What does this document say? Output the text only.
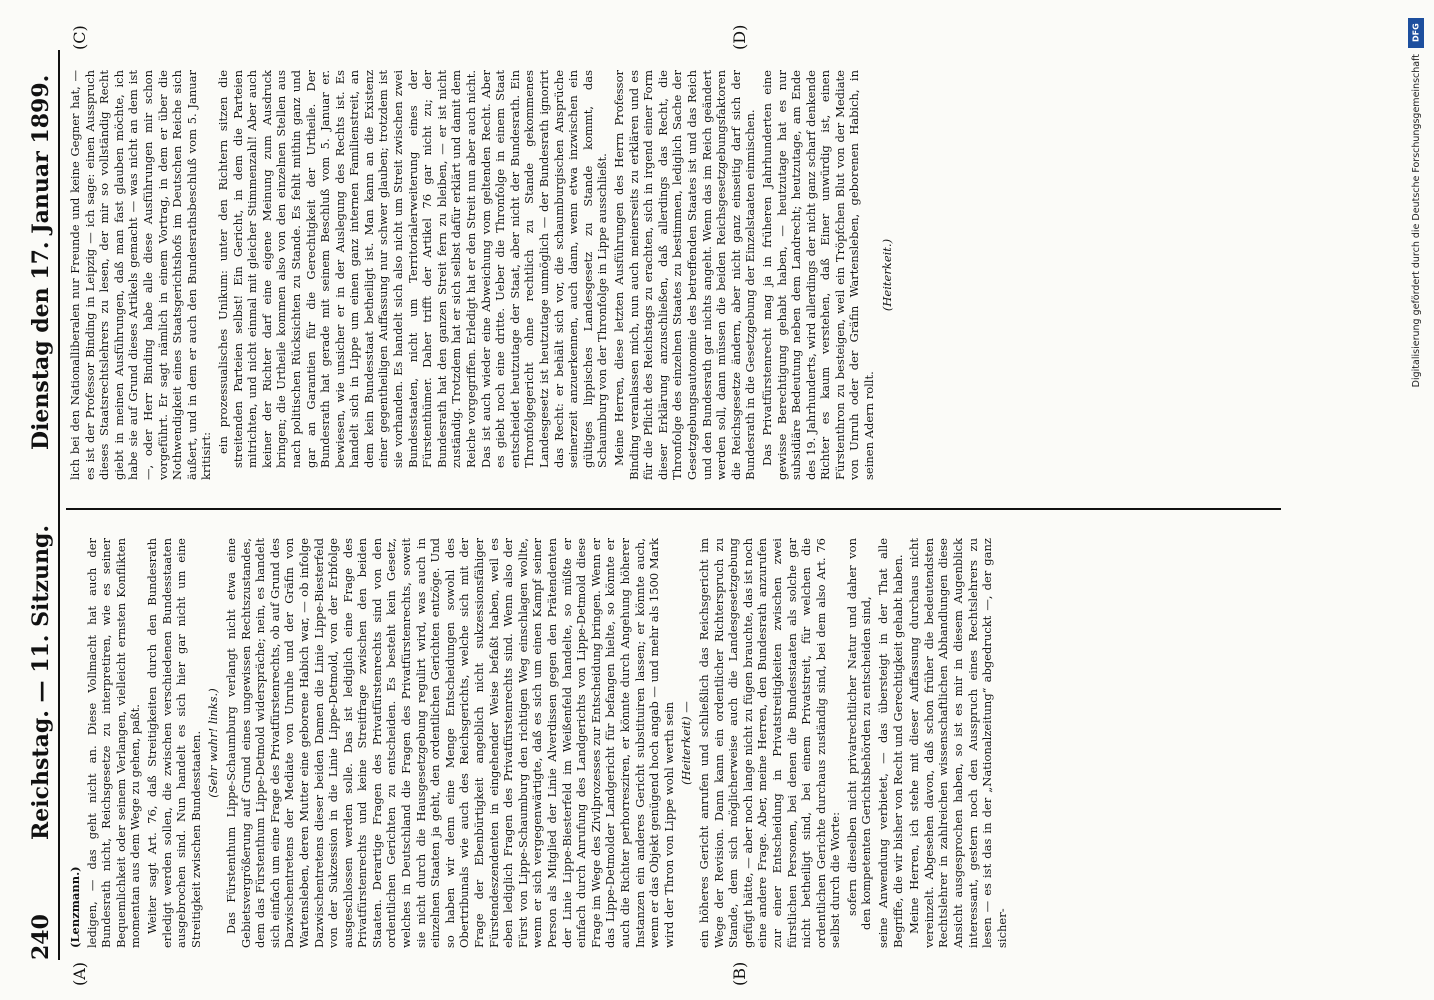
240
Reichstag. — 11. Sitzung.
Dienstag den 17. Januar 1899.
(A)	(B)
(C)	(D)

(Lenzmann.) ledigen, — das geht nicht an. Diese Vollmacht hat auch der Bundesrath nicht, Reichsgesetze zu interpretiren, wie es seiner Bequemlichkeit oder seinem Verlangen, vielleicht ernsten Konflikten momentan aus dem Wege zu gehen, paßt. Weiter sagt Art. 76, daß Streitigkeiten durch den Bundesrath erledigt werden sollen, die zwischen verschiedenen Bundesstaaten ausgebrochen sind. Nun handelt es sich hier gar nicht um eine Streitigkeit zwischen Bundesstaaten. (Sehr wahr! links.) Das Fürstenthum Lippe-Schaumburg verlangt nicht etwa eine Gebietsvergrößerung auf Grund eines ungewissen Rechtszustandes, dem das Fürstenthum Lippe-Detmold widerspräche; nein, es handelt sich einfach um eine Frage des Privatfürstenrechts, ob auf Grund des Dazwischentretens der Mediate von Unruhe und der Gräfin von Wartensleben, deren Mutter eine geborene Habich war, — ob infolge Dazwischentretens dieser beiden Damen die Linie Lippe-Biesterfeld von der Sukzession in die Linie Lippe-Detmold, von der Erbfolge ausgeschlossen werden solle. Das ist lediglich eine Frage des Privatfürstenrechts und keine Streitfrage zwischen den beiden Staaten. Derartige Fragen des Privatfürstenrechts sind von den ordentlichen Gerichten zu entscheiden. Es besteht kein Gesetz, welches in Deutschland die Fragen des Privatfürstenrechts, soweit sie nicht durch die Hausgesetzgebung regulirt wird, was auch in einzelnen Staaten ja geht, den ordentlichen Gerichten entzöge. Und so haben wir denn eine Menge Entscheidungen sowohl des Obertribunals wie auch des Reichsgerichts, welche sich mit der Frage der Ebenbürtigkeit angeblich nicht sukzessionsfähiger Fürstendeszendenten in eingehender Weise befaßt haben, weil es eben lediglich Fragen des Privatfürstenrechts sind. Wenn also der Fürst von Lippe-Schaumburg den richtigen Weg einschlagen wollte, wenn er sich vergegenwärtigte, daß es sich um einen Kampf seiner Person als Mitglied der Linie Alverdissen gegen den Prätendenten der Linie Lippe-Biesterfeld im Weißenfeld handelte, so müßte er einfach durch Anrufung des Landgerichts von Lippe-Detmold diese Frage im Wege des Zivilprozesses zur Entscheidung bringen. Wenn er das Lippe-Detmolder Landgericht für befangen hielte, so könnte er auch die Richter perhorresziren, er könnte durch Angehung höherer Instanzen ein anderes Gericht substituiren lassen; er könnte auch, wenn er das Objekt genügend hoch angab — und mehr als 1500 Mark wird der Thron von Lippe wohl werth sein (Heiterkeit) — ein höheres Gericht anrufen und schließlich das Reichsgericht im Wege der Revision. Dann kann ein ordentlicher Richterspruch zu Stande, dem sich möglicherweise auch die Landesgesetzgebung gefügt hätte, — aber noch lange nicht zu fügen brauchte, das ist noch eine andere Frage. Aber, meine Herren, den Bundesrath anzurufen zur einer Entscheidung in Privatstreitigkeiten zwischen zwei fürstlichen Personen, bei denen die Bundesstaaten als solche gar nicht betheiligt sind, bei einem Privatstreit, für welchen die ordentlichen Gerichte durchaus zuständig sind, bei dem also Art. 76 selbst durch die Worte: sofern dieselben nicht privatrechtlicher Natur und daher von den kompetenten Gerichtsbehörden zu entscheiden sind, seine Anwendung verbietet, — das übersteigt in der That alle Begriffe, die wir bisher von Recht und Gerechtigkeit gehabt haben. Meine Herren, ich stehe mit dieser Auffassung durchaus nicht vereinzelt. Abgesehen davon, daß schon früher die bedeutendsten Rechtslehrer in zahlreichen wissenschaftlichen Abhandlungen diese Ansicht ausgesprochen haben, so ist es mir in diesem Augenblick interessant, gestern noch den Ausspruch eines Rechtslehrers zu lesen — es ist das in der „Nationalzeitung“ abgedruckt —, der ganz sicher-

lich bei den Nationalliberalen nur Freunde und keine Gegner hat, — es ist der Professor Binding in Leipzig — ich sage: einen Ausspruch dieses Staatsrechtslehrers zu lesen, der mir so vollständig Recht giebt in meinen Ausführungen, daß man fast glauben möchte, ich habe sie auf Grund dieses Artikels gemacht — was nicht an dem ist —, oder Herr Binding habe alle diese Ausführungen mir schon vorgeführt. Er sagt nämlich in einem Vortrag, in dem er über die Nothwendigkeit eines Staatsgerichtshofs im Deutschen Reiche sich äußert, und in dem er auch den Bundesrathsbeschluß vom 5. Januar kritisirt:

ein prozessualisches Unikum: unter den Richtern sitzen die streitenden Parteien selbst! Ein Gericht, in dem die Parteien mitrichten, und nicht einmal mit gleicher Stimmenzahl! Aber auch keiner der Richter darf eine eigene Meinung zum Ausdruck bringen; die Urtheile kommen also von den einzelnen Stellen aus nach politischen Rücksichten zu Stande. Es fehlt mithin ganz und gar an Garantien für die Gerechtigkeit der Urtheile. Der Bundesrath hat gerade mit seinem Beschluß vom 5. Januar er. bewiesen, wie unsicher er in der Auslegung des Rechts ist. Es handelt sich in Lippe um einen ganz internen Familienstreit, an dem kein Bundesstaat betheiligt ist. Man kann an die Existenz einer gegentheiligen Auffassung nur schwer glauben; trotzdem ist sie vorhanden. Es handelt sich also nicht um Streit zwischen zwei Bundesstaaten, nicht um Territorialerweiterung eines der Fürstenthümer. Daher trifft der Artikel 76 gar nicht zu; der Bundesrath hat den ganzen Streit fern zu bleiben, — er ist nicht zuständig. Trotzdem hat er sich selbst dafür erklärt und damit dem Reiche vorgegriffen. Erledigt hat er den Streit nun aber auch nicht. Das ist auch wieder eine Abweichung vom geltenden Recht. Aber es giebt noch eine dritte. Ueber die Thronfolge in einem Staat entscheidet heutzutage der Staat, aber nicht der Bundesrath. Ein Thronfolgegericht ohne rechtlich zu Stande gekommenes Landesgesetz ist heutzutage unmöglich — der Bundesrath ignorirt das Recht: er behält sich vor, die schaumburgischen Ansprüche seinerzeit anzuerkennen, auch dann, wenn etwa inzwischen ein gültiges lippisches Landesgesetz zu Stande kommt, das Schaumburg von der Thronfolge in Lippe ausschließt. Meine Herren, diese letzten Ausführungen des Herrn Professor Binding veranlassen mich, nun auch meinerseits zu erklären und es für die Pflicht des Reichstags zu erachten, sich in irgend einer Form dieser Erklärung anzuschließen, daß allerdings das Recht, die Thronfolge des einzelnen Staates zu bestimmen, lediglich Sache der Gesetzgebungsautonomie des betreffenden Staates ist und das Reich und den Bundesrath gar nichts angeht. Wenn das im Reich geändert werden soll, dann müssen die beiden Reichsgesetzgebungsfaktoren die Reichsgesetze ändern, aber nicht ganz einseitig darf sich der Bundesrath in die Gesetzgebung der Einzelstaaten einmischen. Das Privatfürstenrecht mag ja in früheren Jahrhunderten eine gewisse Berechtigung gehabt haben, — heutzutage hat es nur subsidiäre Bedeutung neben dem Landrecht; heutzutage, am Ende des 19. Jahrhunderts, wird allerdings der nicht ganz scharf denkende Richter es kaum verstehen, daß Einer unwürdig ist, einen Fürstenthron zu besteigen, weil ein Tröpfchen Blut von der Mediate von Unruh oder der Gräfin Wartensleben, geborenen Habich, in seinen Adern rollt.

(Heiterkeit.)

DFG
Digitalisierung gefördert durch die Deutsche Forschungsgemeinschaft
